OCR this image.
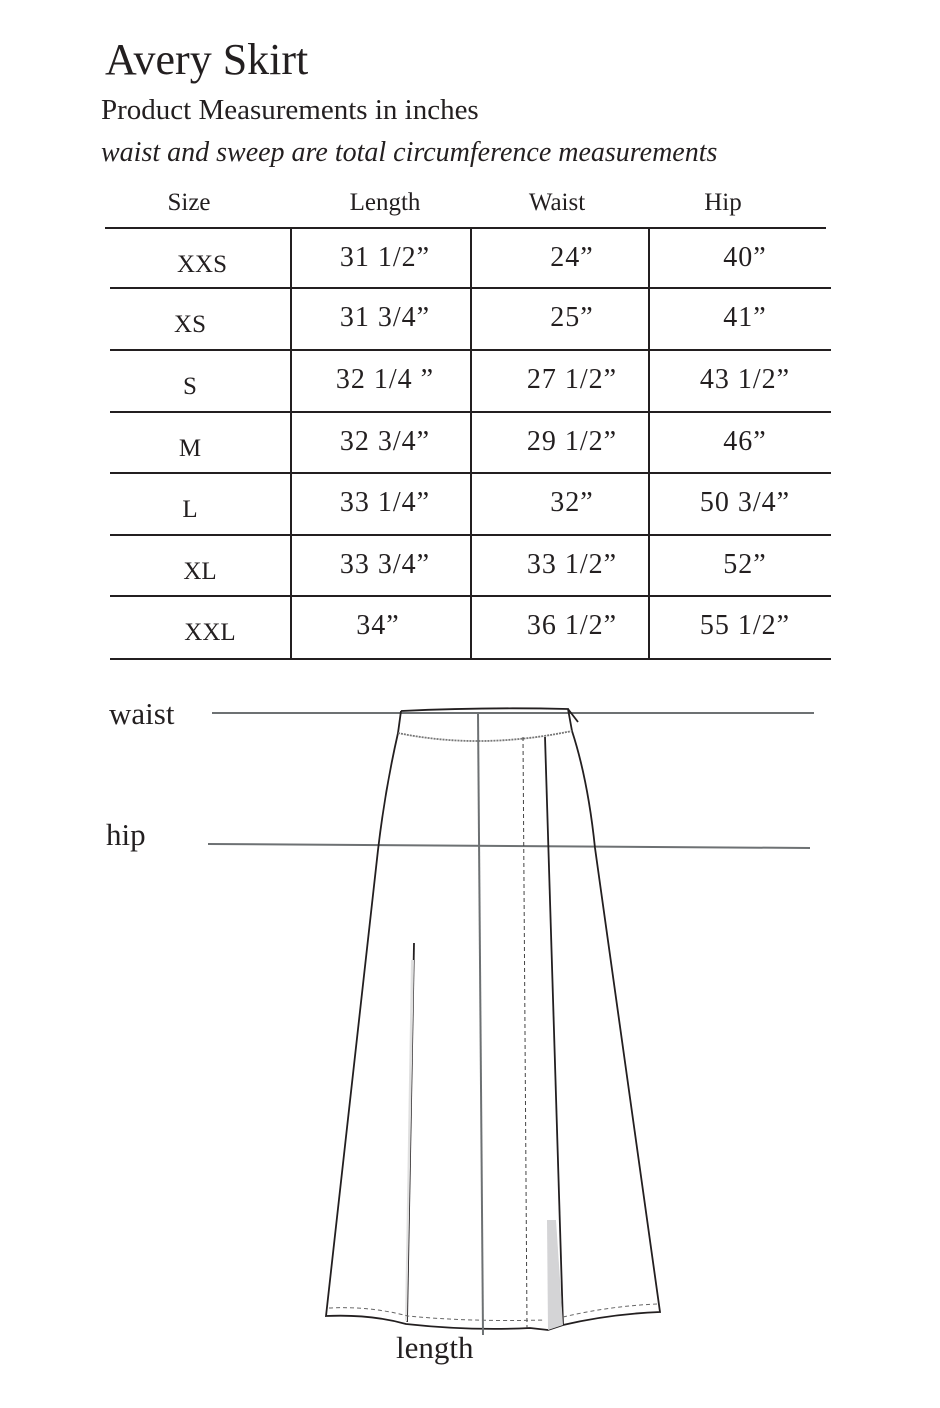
Avery Skirt
Product Measurements in inches
waist and sweep are total circumference measurements
Size	Length	Waist	Hip
XXS	31 1/2”	24”	40”
XS	31 3/4”	25”	41”
S	32 1/4 ”	27 1/2”	43 1/2”
M	32 3/4”	29 1/2”	46”
L	33 1/4”	32”	50 3/4”
XL	33 3/4”	33 1/2”	52”
XXL	34”	36 1/2”	55 1/2”
waist
hip
length
